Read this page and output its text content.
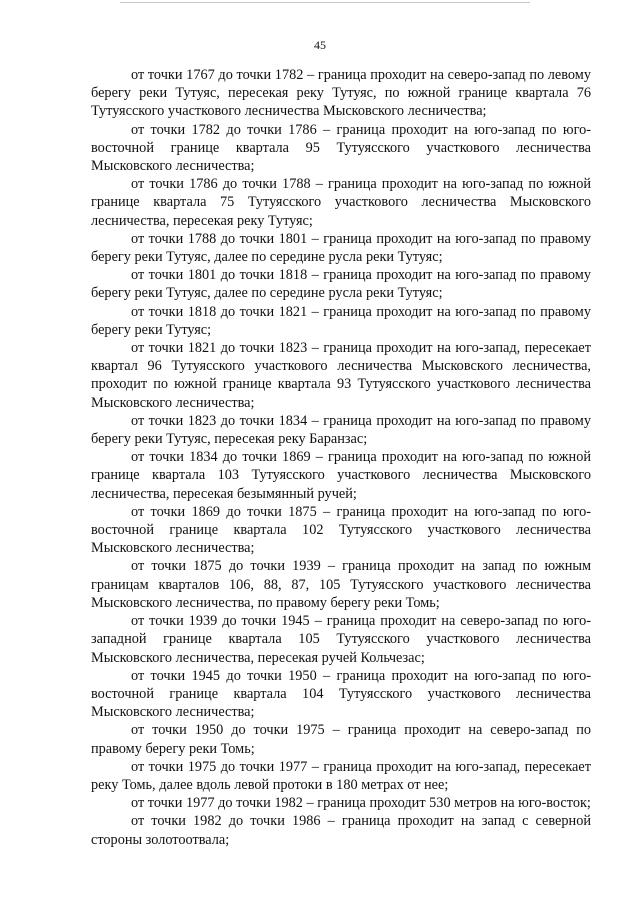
45

от точки 1767 до точки 1782 – граница проходит на северо-запад по левому берегу реки Тутуяс, пересекая реку Тутуяс, по южной границе квартала 76 Тутуясского участкового лесничества Мысковского лесничества;

от точки 1782 до точки 1786 – граница проходит на юго-запад по юго-восточной границе квартала 95 Тутуясского участкового лесничества Мысковского лесничества;

от точки 1786 до точки 1788 – граница проходит на юго-запад по южной границе квартала 75 Тутуясского участкового лесничества Мысковского лесничества, пересекая реку Тутуяс;

от точки 1788 до точки 1801 – граница проходит на юго-запад по правому берегу реки Тутуяс, далее по середине русла реки Тутуяс;

от точки 1801 до точки 1818 – граница проходит на юго-запад по правому берегу реки Тутуяс, далее по середине русла реки Тутуяс;

от точки 1818 до точки 1821 – граница проходит на юго-запад по правому берегу реки Тутуяс;

от точки 1821 до точки 1823 – граница проходит на юго-запад, пересекает квартал 96 Тутуясского участкового лесничества Мысковского лесничества, проходит по южной границе квартала 93 Тутуясского участкового лесничества Мысковского лесничества;

от точки 1823 до точки 1834 – граница проходит на юго-запад по правому берегу реки Тутуяс, пересекая реку Баранзас;

от точки 1834 до точки 1869 – граница проходит на юго-запад по южной границе квартала 103 Тутуясского участкового лесничества Мысковского лесничества, пересекая безымянный ручей;

от точки 1869 до точки 1875 – граница проходит на юго-запад по юго-восточной границе квартала 102 Тутуясского участкового лесничества Мысковского лесничества;

от точки 1875 до точки 1939 – граница проходит на запад по южным границам кварталов 106, 88, 87, 105 Тутуясского участкового лесничества Мысковского лесничества, по правому берегу реки Томь;

от точки 1939 до точки 1945 – граница проходит на северо-запад по юго-западной границе квартала 105 Тутуясского участкового лесничества Мысковского лесничества, пересекая ручей Кольчезас;

от точки 1945 до точки 1950 – граница проходит на юго-запад по юго-восточной границе квартала 104 Тутуясского участкового лесничества Мысковского лесничества;

от точки 1950 до точки 1975 – граница проходит на северо-запад по правому берегу реки Томь;

от точки 1975 до точки 1977 – граница проходит на юго-запад, пересекает реку Томь, далее вдоль левой протоки в 180 метрах от нее;

от точки 1977 до точки 1982 – граница проходит 530 метров на юго-восток;

от точки 1982 до точки 1986 – граница проходит на запад с северной стороны золотоотвала;
